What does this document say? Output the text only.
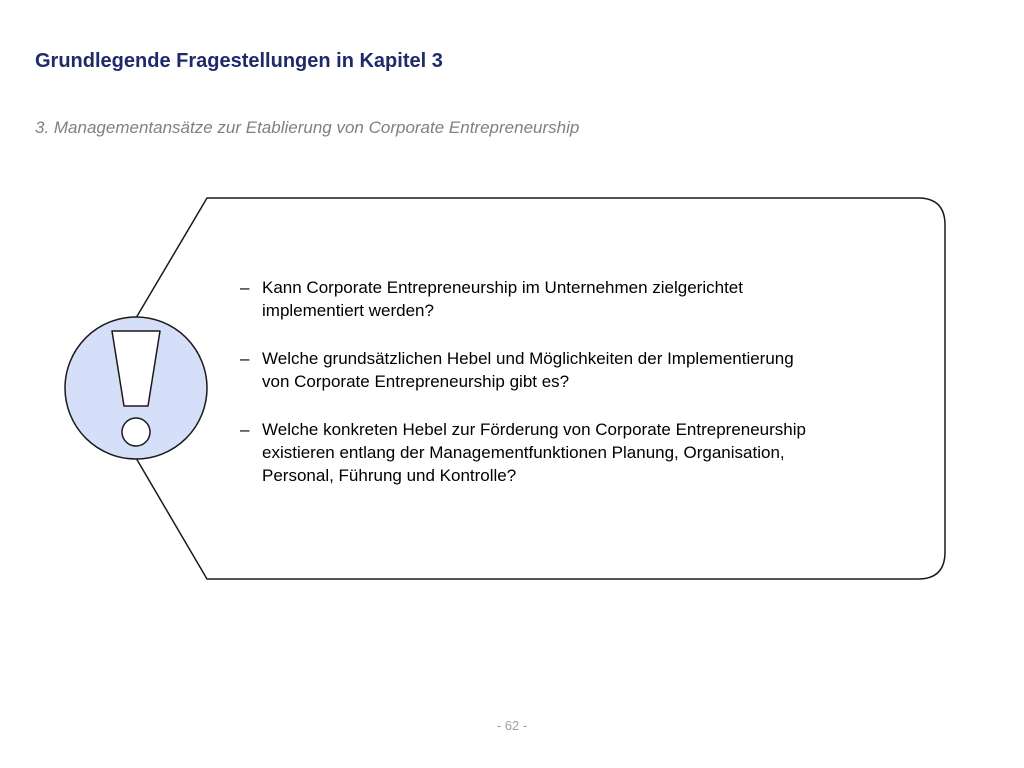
Grundlegende Fragestellungen in Kapitel 3

3. Managementansätze zur Etablierung von Corporate Entrepreneurship

– Kann Corporate Entrepreneurship im Unternehmen zielgerichtet
implementiert werden?
– Welche grundsätzlichen Hebel und Möglichkeiten der Implementierung
von Corporate Entrepreneurship gibt es?
– Welche konkreten Hebel zur Förderung von Corporate Entrepreneurship
existieren entlang der Managementfunktionen Planung, Organisation,
Personal, Führung und Kontrolle?
- 62 -
